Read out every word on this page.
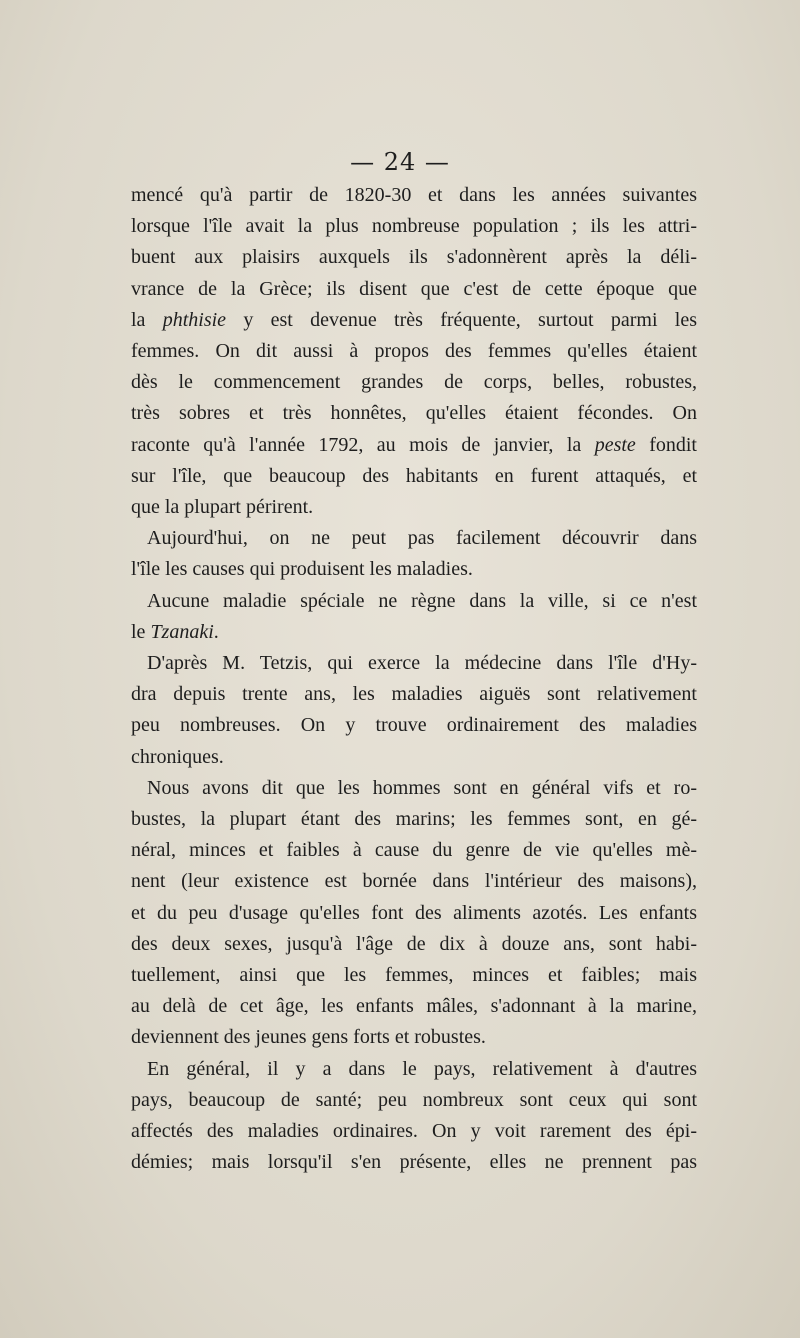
— 24 —
mencé qu'à partir de 1820-30 et dans les années suivantes
lorsque l'île avait la plus nombreuse population ; ils les attri-
buent aux plaisirs auxquels ils s'adonnèrent après la déli-
vrance de la Grèce; ils disent que c'est de cette époque que
la phthisie y est devenue très fréquente, surtout parmi les
femmes. On dit aussi à propos des femmes qu'elles étaient
dès le commencement grandes de corps, belles, robustes,
très sobres et très honnêtes, qu'elles étaient fécondes. On
raconte qu'à l'année 1792, au mois de janvier, la peste fondit
sur l'île, que beaucoup des habitants en furent attaqués, et
que la plupart périrent.
Aujourd'hui, on ne peut pas facilement découvrir dans
l'île les causes qui produisent les maladies.
Aucune maladie spéciale ne règne dans la ville, si ce n'est
le Tzanaki.
D'après M. Tetzis, qui exerce la médecine dans l'île d'Hy-
dra depuis trente ans, les maladies aiguës sont relativement
peu nombreuses. On y trouve ordinairement des maladies
chroniques.
Nous avons dit que les hommes sont en général vifs et ro-
bustes, la plupart étant des marins; les femmes sont, en gé-
néral, minces et faibles à cause du genre de vie qu'elles mè-
nent (leur existence est bornée dans l'intérieur des maisons),
et du peu d'usage qu'elles font des aliments azotés. Les enfants
des deux sexes, jusqu'à l'âge de dix à douze ans, sont habi-
tuellement, ainsi que les femmes, minces et faibles; mais
au delà de cet âge, les enfants mâles, s'adonnant à la marine,
deviennent des jeunes gens forts et robustes.
En général, il y a dans le pays, relativement à d'autres
pays, beaucoup de santé; peu nombreux sont ceux qui sont
affectés des maladies ordinaires. On y voit rarement des épi-
démies; mais lorsqu'il s'en présente, elles ne prennent pas
